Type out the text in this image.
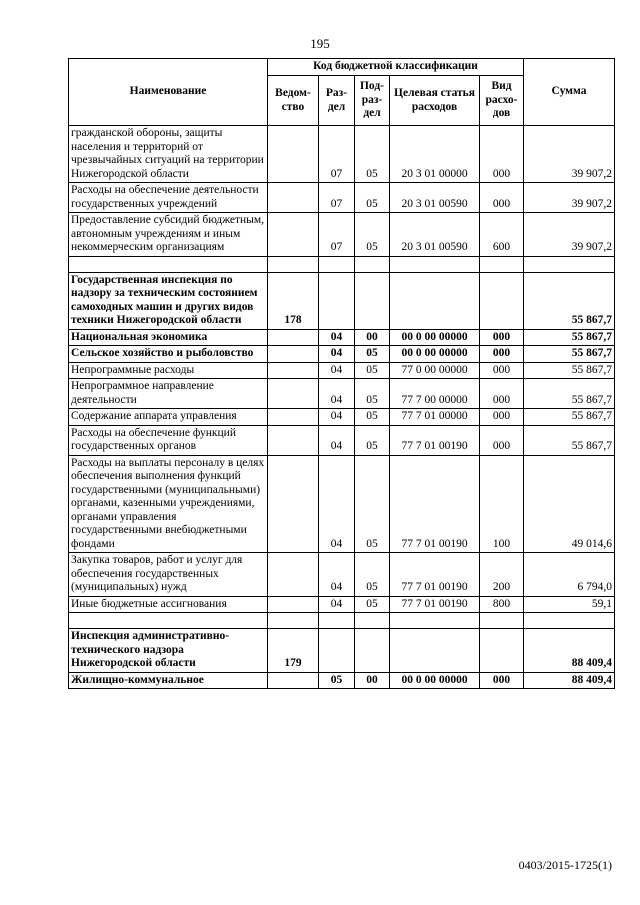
195
Наименование	Код бюджетной классификации					Сумма
	Ведом-ство	Раз-дел	Под-раз-дел	Целевая статья расходов	Вид расхо-дов	
гражданской обороны, защиты населения и территорий от чрезвычайных ситуаций на территории Нижегородской области		07	05	20 3 01 00000	000	39 907,2
Расходы на обеспечение деятельности государственных учреждений		07	05	20 3 01 00590	000	39 907,2
Предоставление субсидий бюджетным, автономным учреждениям и иным некоммерческим организациям		07	05	20 3 01 00590	600	39 907,2

Государственная инспекция по надзору за техническим состоянием самоходных машин и других видов техники Нижегородской области	178					55 867,7
Национальная экономика		04	00	00 0 00 00000	000	55 867,7
Сельское хозяйство и рыболовство		04	05	00 0 00 00000	000	55 867,7
Непрограммные расходы		04	05	77 0 00 00000	000	55 867,7
Непрограммное направление деятельности		04	05	77 7 00 00000	000	55 867,7
Содержание аппарата управления		04	05	77 7 01 00000	000	55 867,7
Расходы на обеспечение функций государственных органов		04	05	77 7 01 00190	000	55 867,7
Расходы на выплаты персоналу в целях обеспечения выполнения функций государственными (муниципальными) органами, казенными учреждениями, органами управления государственными внебюджетными фондами		04	05	77 7 01 00190	100	49 014,6
Закупка товаров, работ и услуг для обеспечения государственных (муниципальных) нужд		04	05	77 7 01 00190	200	6 794,0
Иные бюджетные ассигнования		04	05	77 7 01 00190	800	59,1

Инспекция административно-технического надзора Нижегородской области	179					88 409,4
Жилищно-коммунальное		05	00	00 0 00 00000	000	88 409,4
0403/2015-1725(1)
